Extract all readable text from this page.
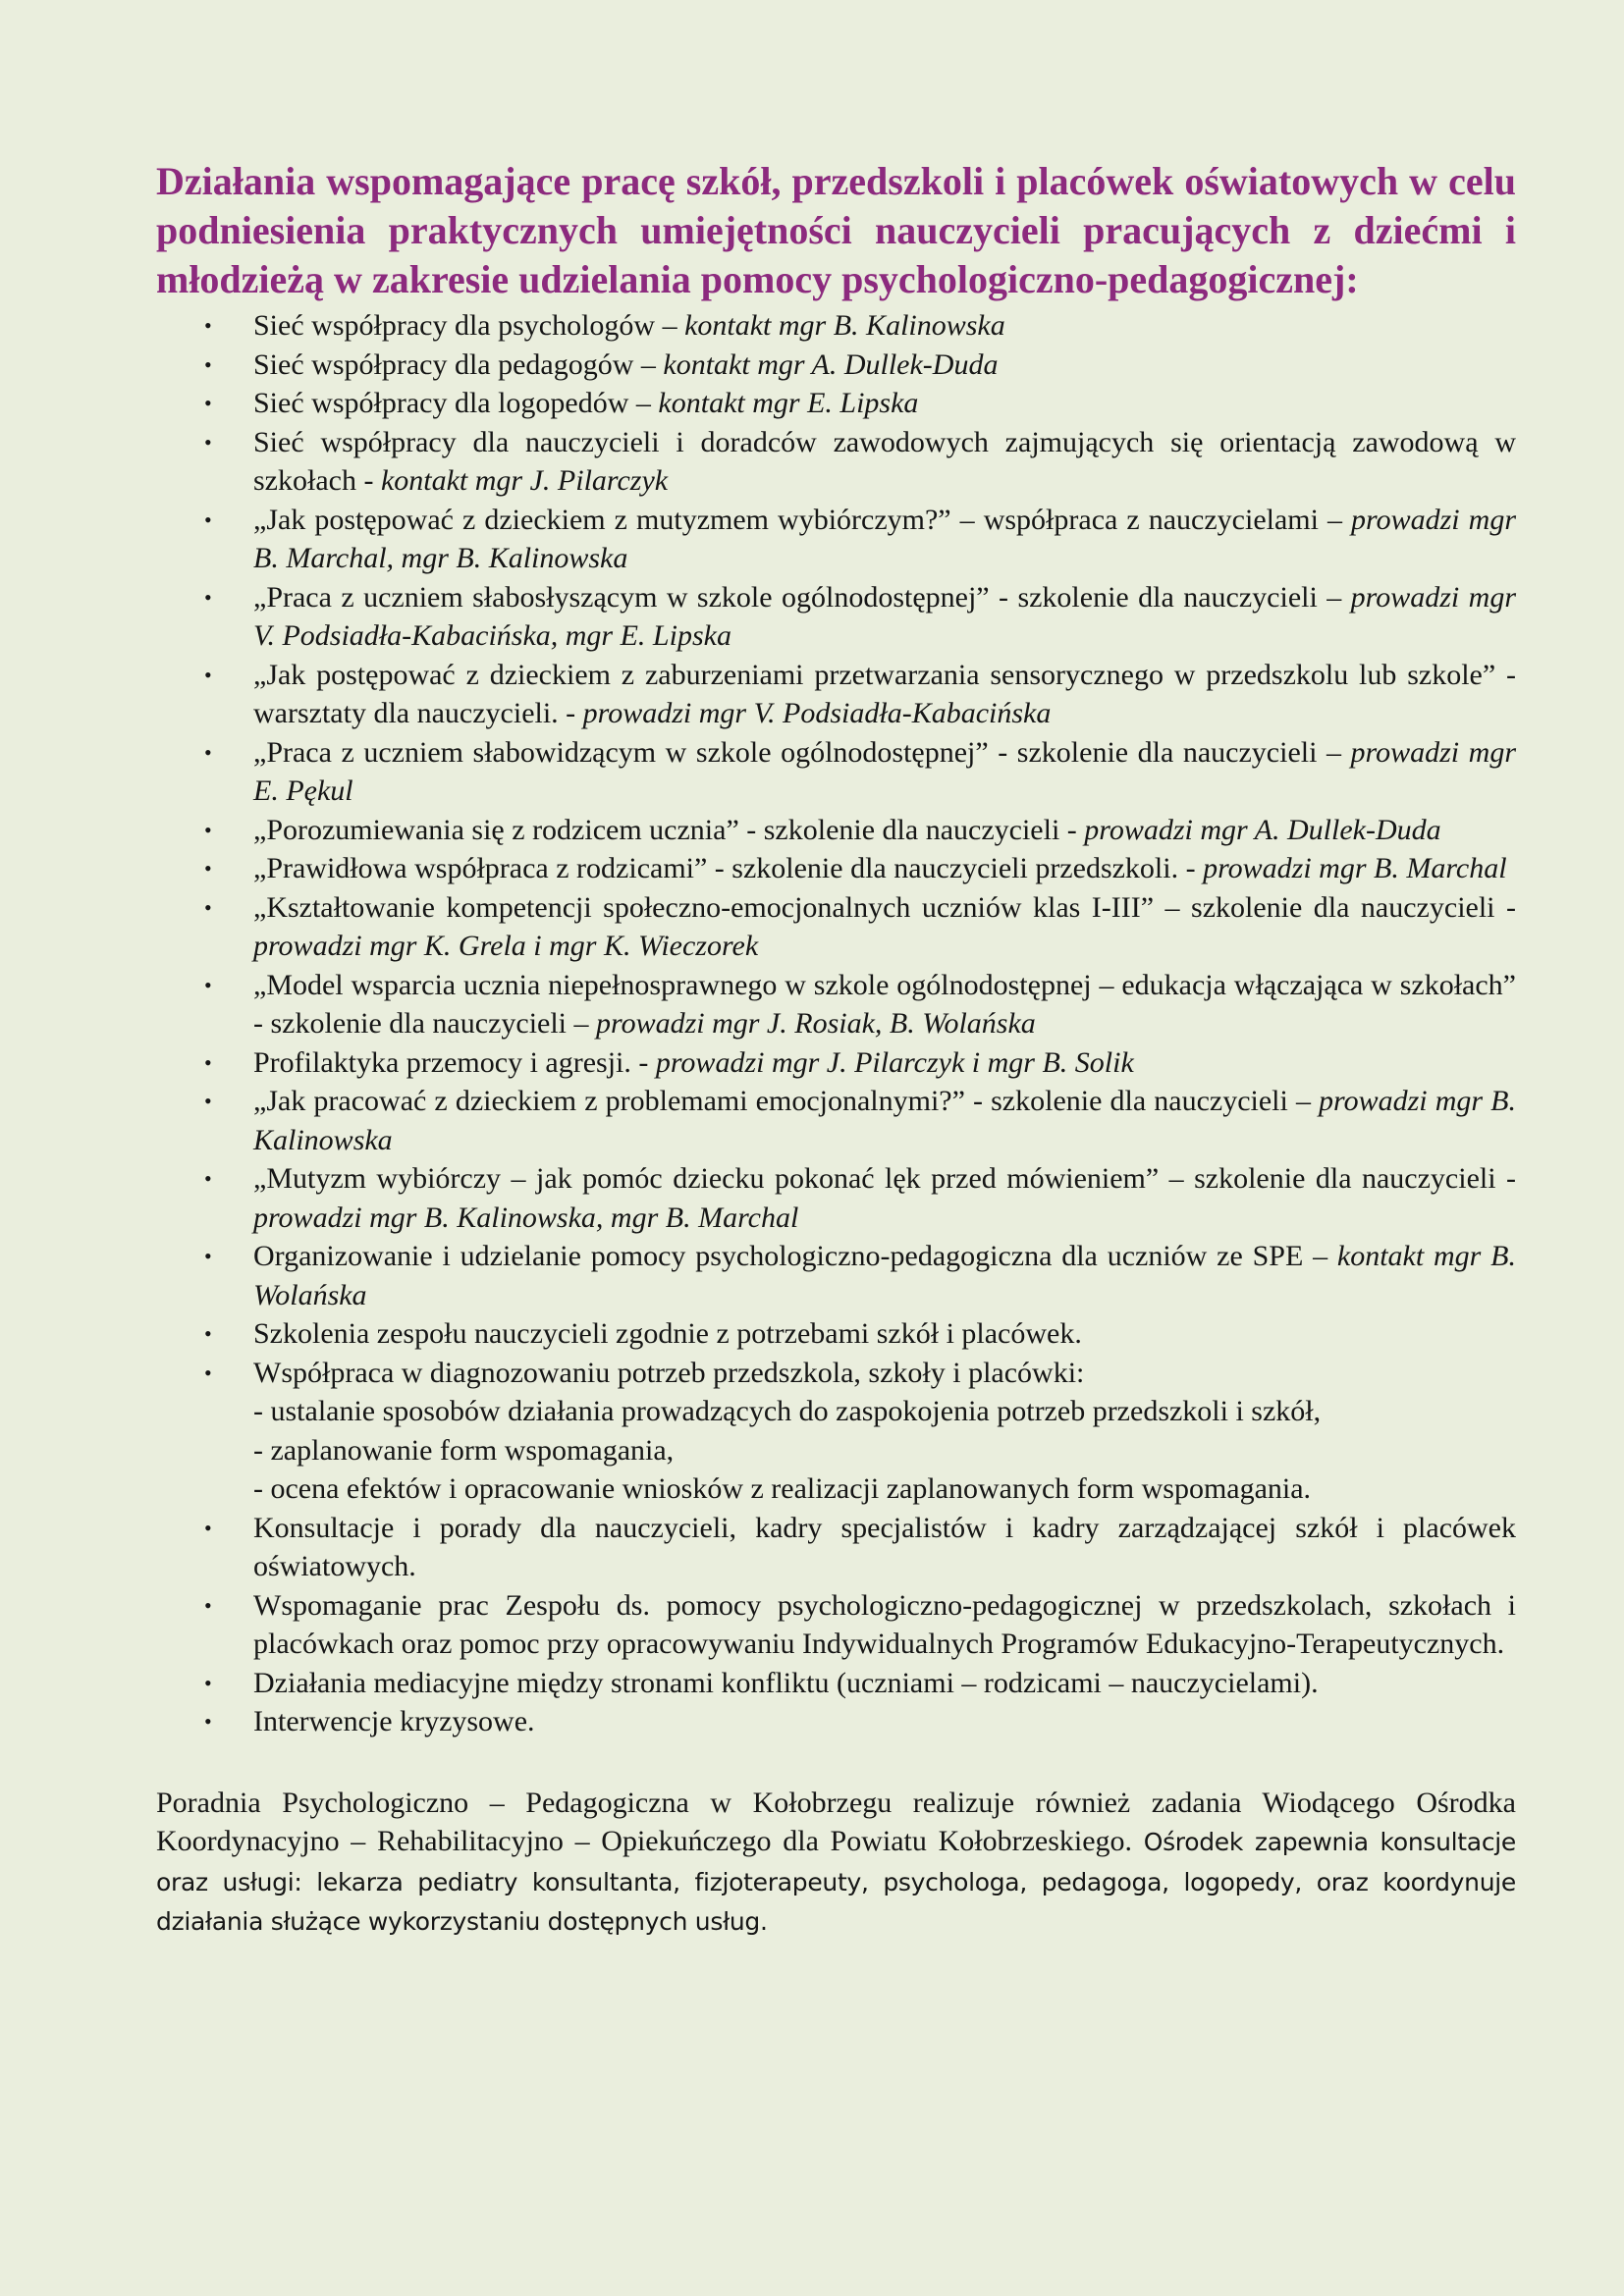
Działania wspomagające pracę szkół, przedszkoli i placówek oświatowych w celu podniesienia praktycznych umiejętności nauczycieli pracujących z dziećmi i młodzieżą w zakresie udzielania pomocy psychologiczno-pedagogicznej:
• Sieć współpracy dla psychologów – kontakt mgr B. Kalinowska
• Sieć współpracy dla pedagogów – kontakt mgr A. Dullek-Duda
• Sieć współpracy dla logopedów – kontakt mgr E. Lipska
• Sieć współpracy dla nauczycieli i doradców zawodowych zajmujących się orientacją zawodową w szkołach - kontakt mgr J. Pilarczyk
• „Jak postępować z dzieckiem z mutyzmem wybiórczym?” – współpraca z nauczycielami – prowadzi mgr B. Marchal, mgr B. Kalinowska
• „Praca z uczniem słabosłyszącym w szkole ogólnodostępnej” - szkolenie dla nauczycieli – prowadzi mgr V. Podsiadła-Kabacińska, mgr E. Lipska
• „Jak postępować z dzieckiem z zaburzeniami przetwarzania sensorycznego w przedszkolu lub szkole” - warsztaty dla nauczycieli. - prowadzi mgr V. Podsiadła-Kabacińska
• „Praca z uczniem słabowidzącym w szkole ogólnodostępnej” - szkolenie dla nauczycieli – prowadzi mgr E. Pękul
• „Porozumiewania się z rodzicem ucznia” - szkolenie dla nauczycieli - prowadzi mgr A. Dullek-Duda
• „Prawidłowa współpraca z rodzicami” - szkolenie dla nauczycieli przedszkoli. - prowadzi mgr B. Marchal
• „Kształtowanie kompetencji społeczno-emocjonalnych uczniów klas I-III” – szkolenie dla nauczycieli - prowadzi mgr K. Grela i mgr K. Wieczorek
• „Model wsparcia ucznia niepełnosprawnego w szkole ogólnodostępnej – edukacja włączająca w szkołach” - szkolenie dla nauczycieli – prowadzi mgr J. Rosiak, B. Wolańska
• Profilaktyka przemocy i agresji. - prowadzi mgr J. Pilarczyk i mgr B. Solik
• „Jak pracować z dzieckiem z problemami emocjonalnymi?” - szkolenie dla nauczycieli – prowadzi mgr B. Kalinowska
• „Mutyzm wybiórczy – jak pomóc dziecku pokonać lęk przed mówieniem” – szkolenie dla nauczycieli - prowadzi mgr B. Kalinowska, mgr B. Marchal
• Organizowanie i udzielanie pomocy psychologiczno-pedagogiczna dla uczniów ze SPE – kontakt mgr B. Wolańska
• Szkolenia zespołu nauczycieli zgodnie z potrzebami szkół i placówek.
• Współpraca w diagnozowaniu potrzeb przedszkola, szkoły i placówki:
- ustalanie sposobów działania prowadzących do zaspokojenia potrzeb przedszkoli i szkół,
- zaplanowanie form wspomagania,
- ocena efektów i opracowanie wniosków z realizacji zaplanowanych form wspomagania.
• Konsultacje i porady dla nauczycieli, kadry specjalistów i kadry zarządzającej szkół i placówek oświatowych.
• Wspomaganie prac Zespołu ds. pomocy psychologiczno-pedagogicznej w przedszkolach, szkołach i placówkach oraz pomoc przy opracowywaniu Indywidualnych Programów Edukacyjno-Terapeutycznych.
• Działania mediacyjne między stronami konfliktu (uczniami – rodzicami – nauczycielami).
• Interwencje kryzysowe.

Poradnia Psychologiczno – Pedagogiczna w Kołobrzegu realizuje również zadania Wiodącego Ośrodka Koordynacyjno – Rehabilitacyjno – Opiekuńczego dla Powiatu Kołobrzeskiego. Ośrodek zapewnia konsultacje oraz usługi: lekarza pediatry konsultanta, fizjoterapeuty, psychologa, pedagoga, logopedy, oraz koordynuje działania służące wykorzystaniu dostępnych usług.
